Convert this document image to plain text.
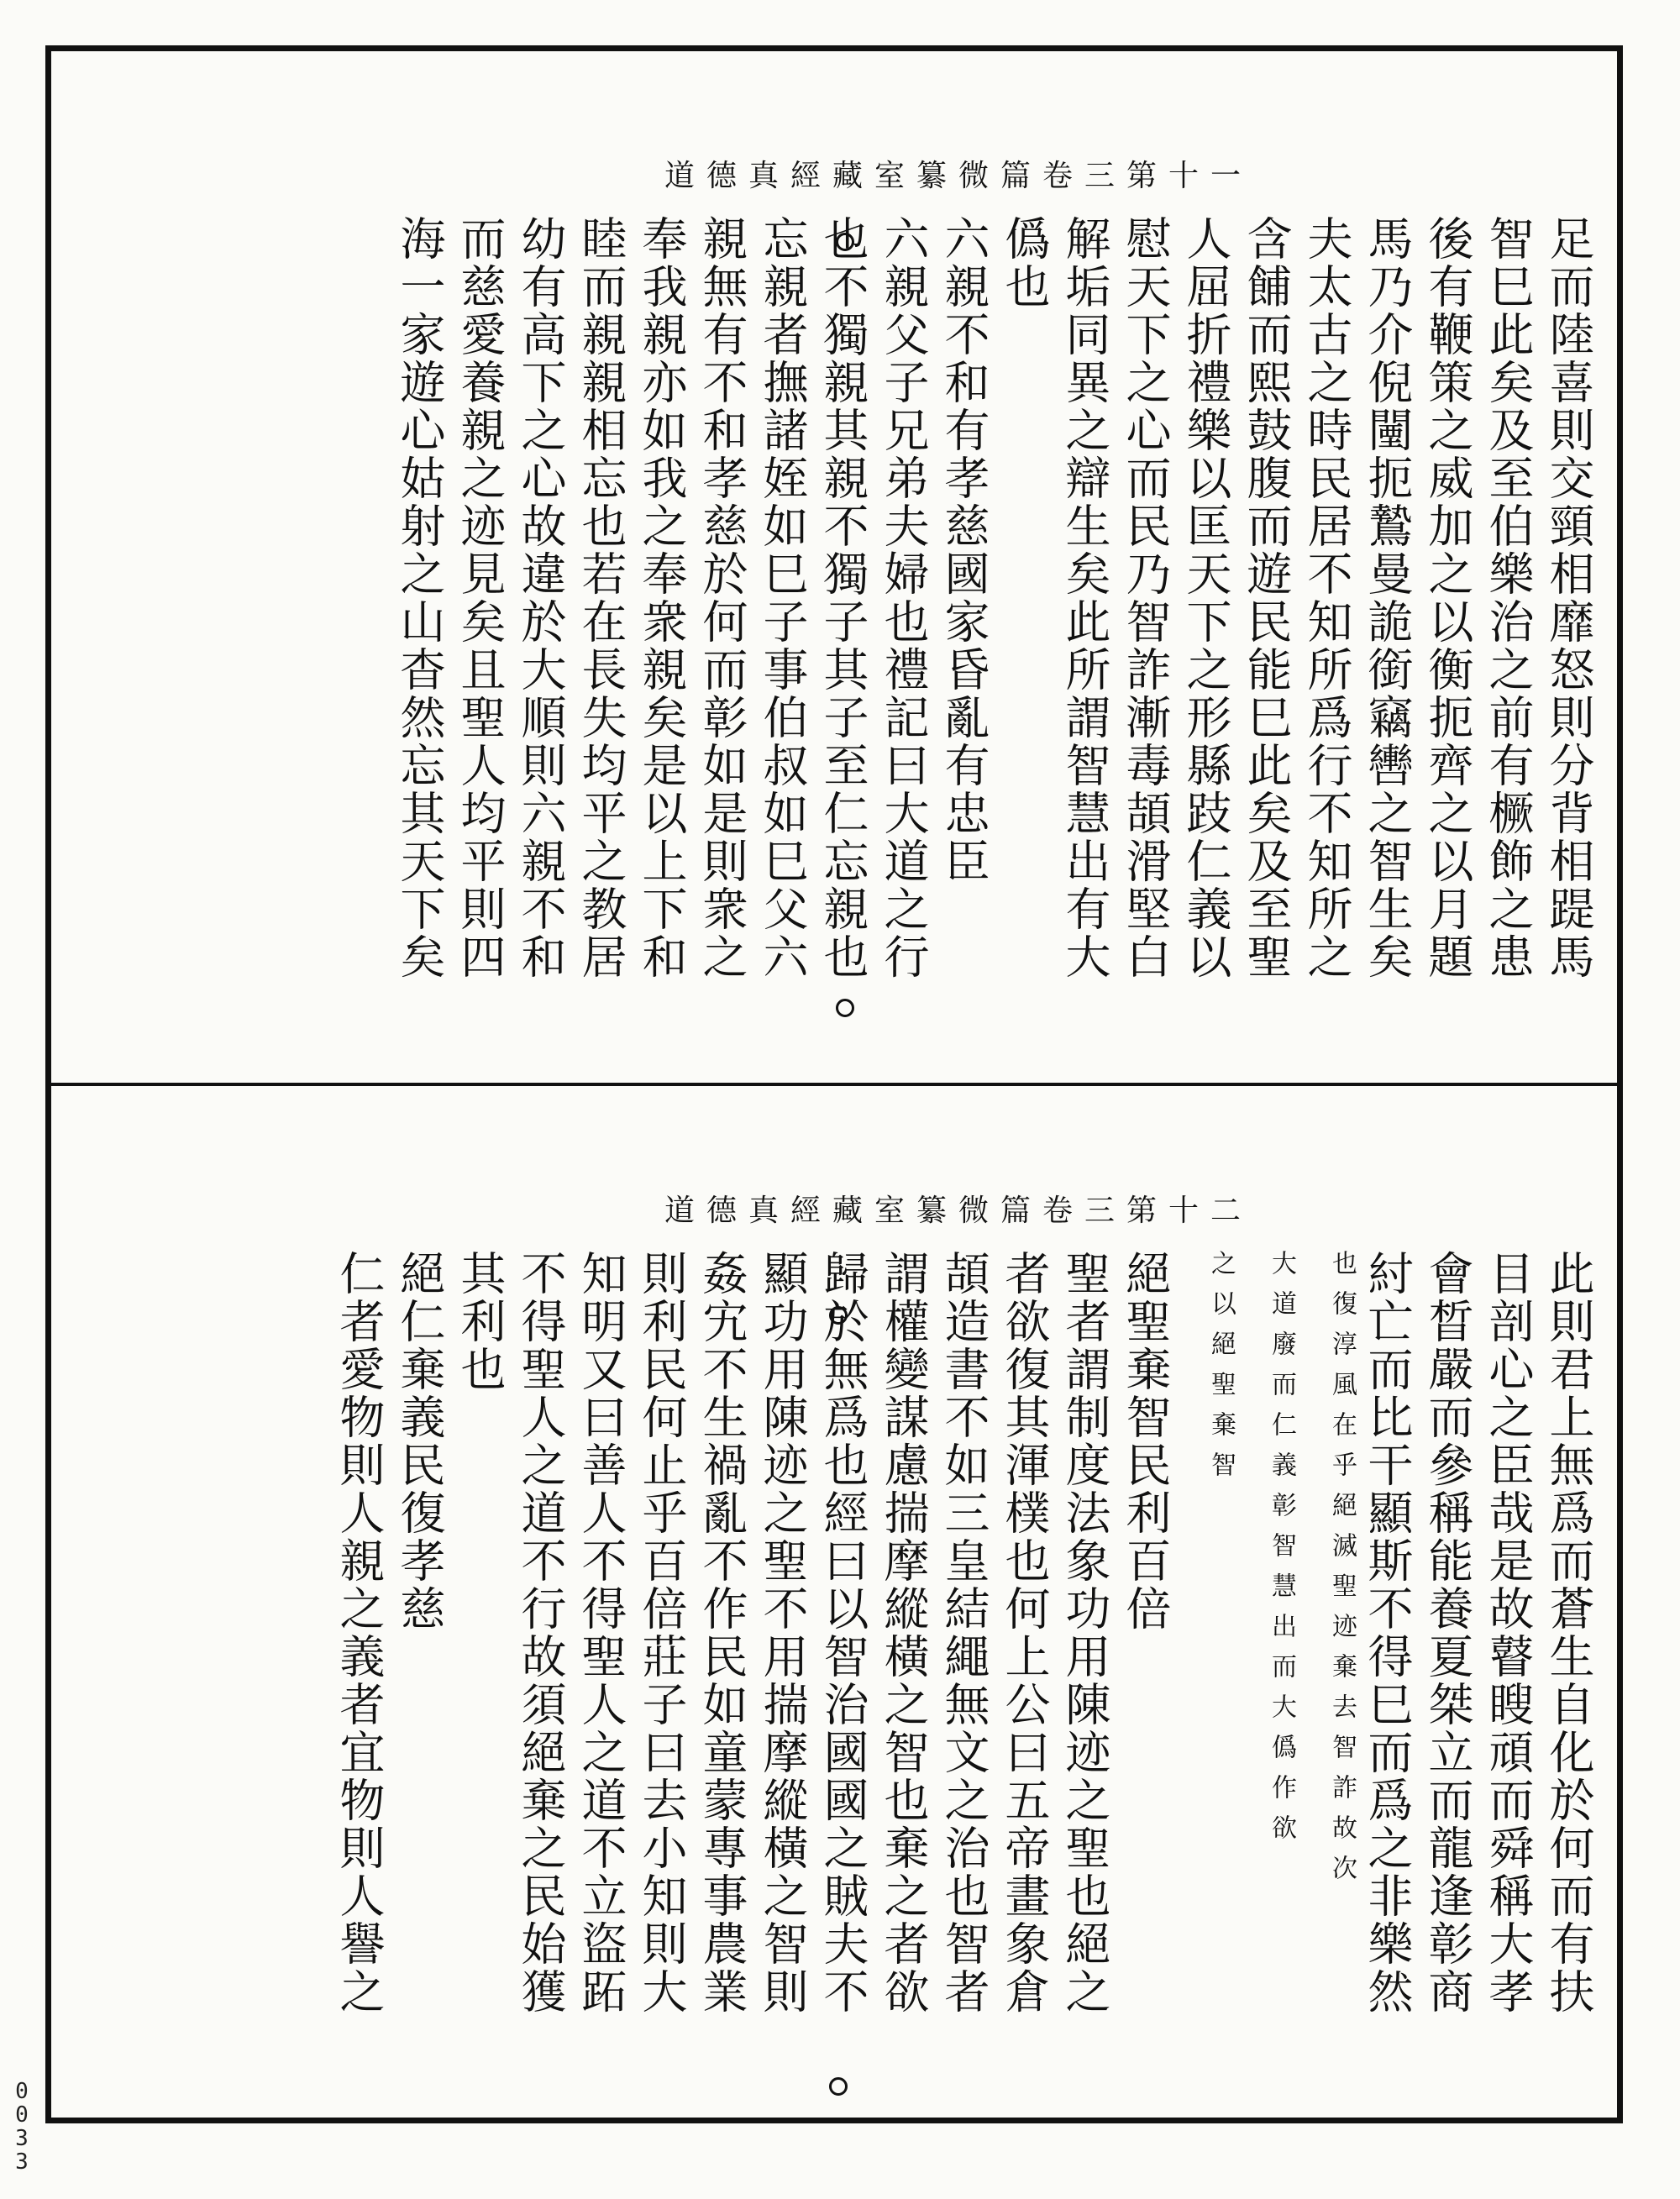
道德真經藏室纂微篇卷三第十一
足而陸喜則交頸相靡怒則分背相踶馬
智巳此矣及至伯樂治之前有橛飾之患
後有鞭策之威加之以衡扼齊之以月題
馬乃介倪闉扼鷙曼詭銜竊轡之智生矣
夫太古之時民居不知所爲行不知所之
含餔而熙鼓腹而遊民能巳此矣及至聖
人屈折禮樂以匡天下之形縣跂仁義以
慰天下之心而民乃智詐漸毒頡滑堅白
解垢同異之辯生矣此所謂智慧出有大
僞也
六親不和有孝慈國家昏亂有忠臣
六親父子兄弟夫婦也禮記曰大道之行
也不獨親其親不獨子其子至仁忘親也
忘親者撫諸姪如巳子事伯叔如巳父六
親無有不和孝慈於何而彰如是則衆之
奉我親亦如我之奉衆親矣是以上下和
睦而親親相忘也若在長失均平之教居
幼有高下之心故違於大順則六親不和
而慈愛養親之迹見矣且聖人均平則四
海一家遊心姑射之山杳然忘其天下矣
道德真經藏室纂微篇卷三第十二
此則君上無爲而蒼生自化於何而有扶
目剖心之臣哉是故瞽瞍頑而舜稱大孝
會晳嚴而參稱能養夏桀立而龍逢彰商
紂亡而比干顯斯不得巳而爲之非樂然
也復淳風在乎絕滅聖迹棄去智詐故次
大道廢而仁義彰智慧出而大僞作欲
之以絕聖棄智
絕聖棄智民利百倍
聖者謂制度法象功用陳迹之聖也絕之
者欲復其渾樸也何上公曰五帝畫象倉
頡造書不如三皇結繩無文之治也智者
謂權變謀慮揣摩縱橫之智也棄之者欲
歸於無爲也經曰以智治國國之賊夫不
顯功用陳迹之聖不用揣摩縱橫之智則
姦宄不生禍亂不作民如童蒙專事農業
則利民何止乎百倍莊子曰去小知則大
知明又曰善人不得聖人之道不立盜跖
不得聖人之道不行故須絕棄之民始獲
其利也
絕仁棄義民復孝慈
仁者愛物則人親之義者宜物則人譽之
0
0
3
3
